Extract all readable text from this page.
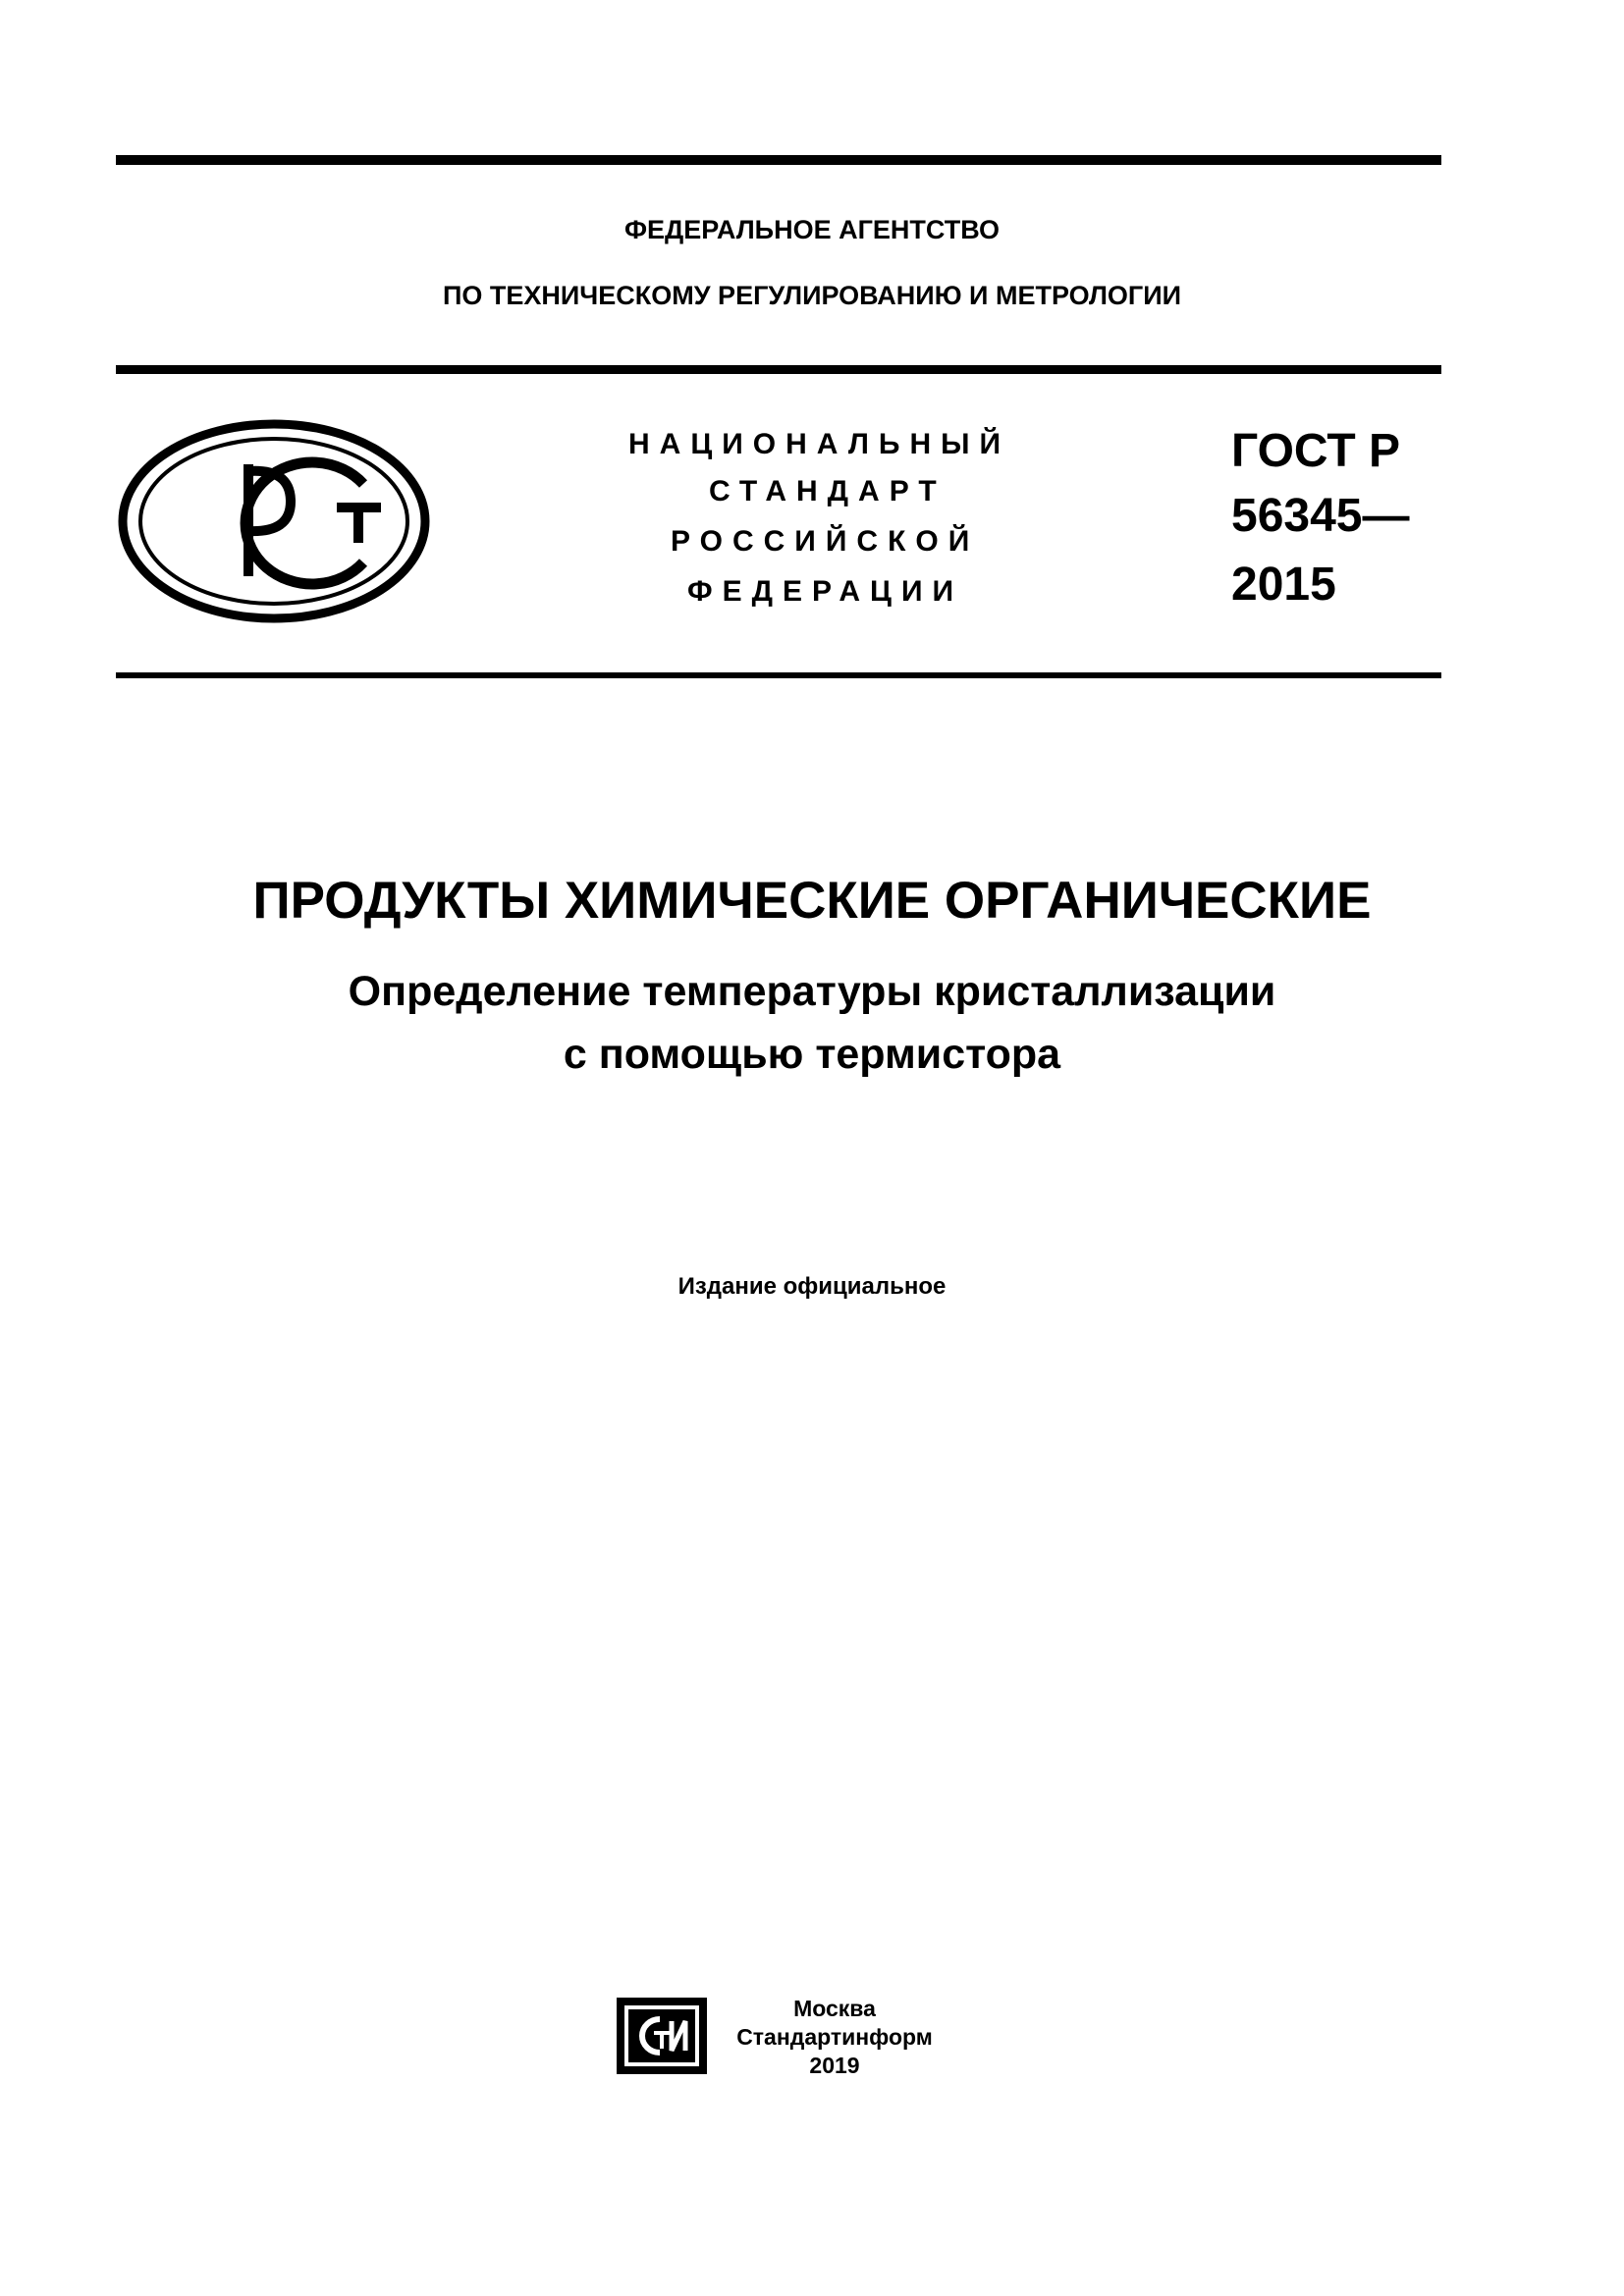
ФЕДЕРАЛЬНОЕ АГЕНТСТВО
ПО ТЕХНИЧЕСКОМУ РЕГУЛИРОВАНИЮ И МЕТРОЛОГИИ
НАЦИОНАЛЬНЫЙ
СТАНДАРТ
РОССИЙСКОЙ
ФЕДЕРАЦИИ
ГОСТ Р
56345—
2015
ПРОДУКТЫ ХИМИЧЕСКИЕ ОРГАНИЧЕСКИЕ
Определение температуры кристаллизации
с помощью термистора
Издание официальное
Москва
Стандартинформ
2019
